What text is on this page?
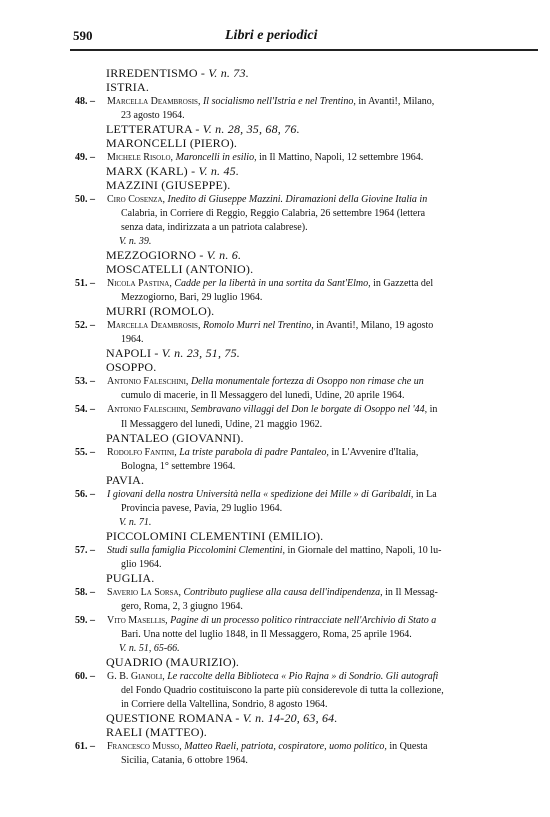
590	Libri e periodici
IRREDENTISMO - V. n. 73.
ISTRIA.
48. – Marcella Deambrosis, Il socialismo nell'Istria e nel Trentino, in Avanti!, Milano,
23 agosto 1964.
LETTERATURA - V. n. 28, 35, 68, 76.
MARONCELLI (PIERO).
49. – Michele Risolo, Maroncelli in esilio, in Il Mattino, Napoli, 12 settembre 1964.
MARX (KARL) - V. n. 45.
MAZZINI (GIUSEPPE).
50. – Ciro Cosenza, Inedito di Giuseppe Mazzini. Diramazioni della Giovine Italia in
Calabria, in Corriere di Reggio, Reggio Calabria, 26 settembre 1964 (lettera
senza data, indirizzata a un patriota calabrese).
V. n. 39.
MEZZOGIORNO - V. n. 6.
MOSCATELLI (ANTONIO).
51. – Nicola Pastina, Cadde per la libertà in una sortita da Sant'Elmo, in Gazzetta del
Mezzogiorno, Bari, 29 luglio 1964.
MURRI (ROMOLO).
52. – Marcella Deambrosis, Romolo Murri nel Trentino, in Avanti!, Milano, 19 agosto
1964.
NAPOLI - V. n. 23, 51, 75.
OSOPPO.
53. – Antonio Faleschini, Della monumentale fortezza di Osoppo non rimase che un
cumulo di macerie, in Il Messaggero del lunedì, Udine, 20 aprile 1964.
54. – Antonio Faleschini, Sembravano villaggi del Don le borgate di Osoppo nel '44, in
Il Messaggero del lunedì, Udine, 21 maggio 1962.
PANTALEO (GIOVANNI).
55. – Rodolfo Fantini, La triste parabola di padre Pantaleo, in L'Avvenire d'Italia,
Bologna, 1° settembre 1964.
PAVIA.
56. – I giovani della nostra Università nella « spedizione dei Mille » di Garibaldi, in La
Provincia pavese, Pavia, 29 luglio 1964.
V. n. 71.
PICCOLOMINI CLEMENTINI (EMILIO).
57. – Studi sulla famiglia Piccolomini Clementini, in Giornale del mattino, Napoli, 10 lu-
glio 1964.
PUGLIA.
58. – Saverio La Sorsa, Contributo pugliese alla causa dell'indipendenza, in Il Messag-
gero, Roma, 2, 3 giugno 1964.
59. – Vito Masellis, Pagine di un processo politico rintracciate nell'Archivio di Stato a
Bari. Una notte del luglio 1848, in Il Messaggero, Roma, 25 aprile 1964.
V. n. 51, 65-66.
QUADRIO (MAURIZIO).
60. – G. B. Gianoli, Le raccolte della Biblioteca « Pio Rajna » di Sondrio. Gli autografi
del Fondo Quadrio costituiscono la parte più considerevole di tutta la collezione,
in Corriere della Valtellina, Sondrio, 8 agosto 1964.
QUESTIONE ROMANA - V. n. 14-20, 63, 64.
RAELI (MATTEO).
61. – Francesco Musso, Matteo Raeli, patriota, cospiratore, uomo politico, in Questa
Sicilia, Catania, 6 ottobre 1964.
